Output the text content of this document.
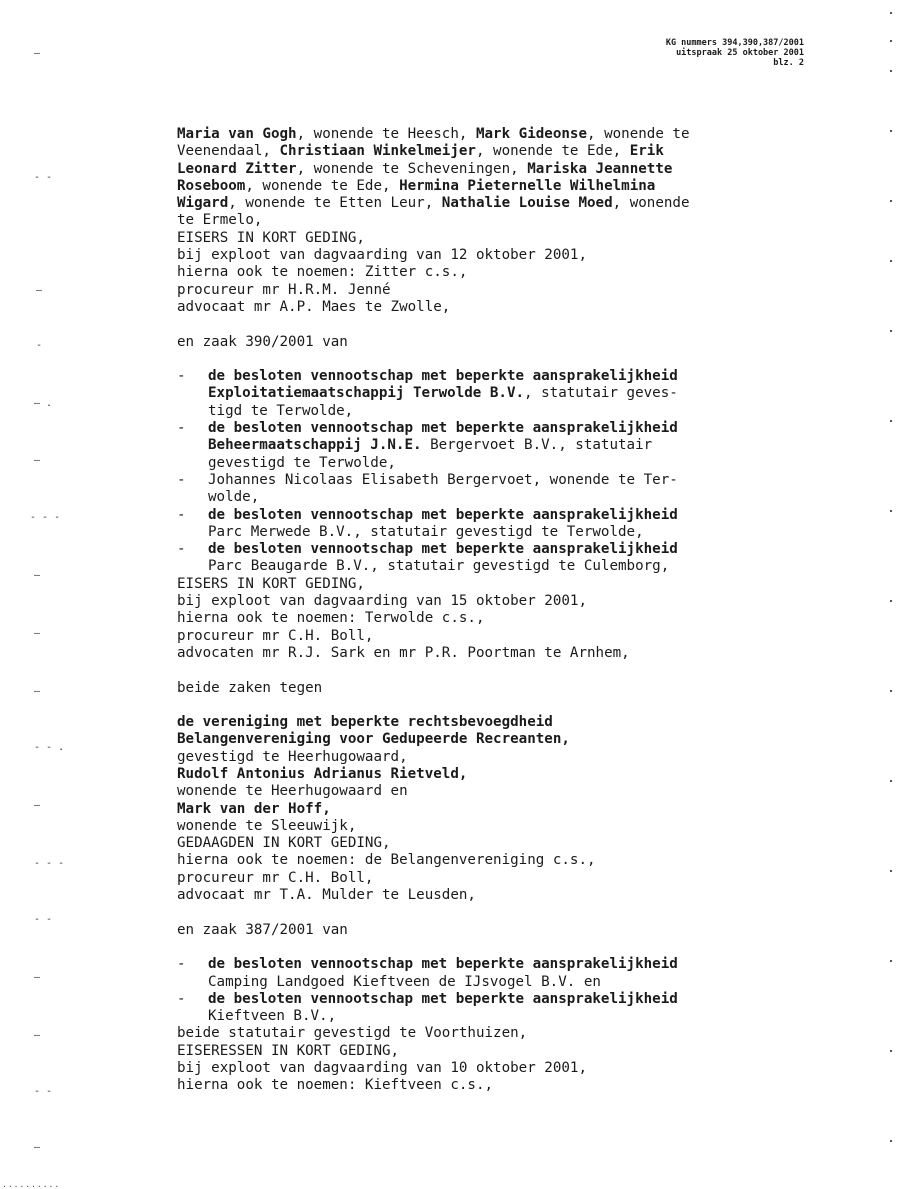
KG nummers 394,390,387/2001
uitspraak 25 oktober 2001
blz. 2
—
- -
—
-
— .
—
- - -
—
—
—
- - .
—
- - -
- -
—
—
- -
—
..........
Maria van Gogh, wonende te Heesch, Mark Gideonse, wonende te
Veenendaal, Christiaan Winkelmeijer, wonende te Ede, Erik
Leonard Zitter, wonende te Scheveningen, Mariska Jeannette
Roseboom, wonende te Ede, Hermina Pieternelle Wilhelmina
Wigard, wonende te Etten Leur, Nathalie Louise Moed, wonende
te Ermelo,
EISERS IN KORT GEDING,
bij exploot van dagvaarding van 12 oktober 2001,
hierna ook te noemen: Zitter c.s.,
procureur mr H.R.M. Jenné
advocaat mr A.P. Maes te Zwolle,
en zaak 390/2001 van
- de besloten vennootschap met beperkte aansprakelijkheid
Exploitatiemaatschappij Terwolde B.V., statutair geves-
tigd te Terwolde,
- de besloten vennootschap met beperkte aansprakelijkheid
Beheermaatschappij J.N.E. Bergervoet B.V., statutair
gevestigd te Terwolde,
- Johannes Nicolaas Elisabeth Bergervoet, wonende te Ter-
wolde,
- de besloten vennootschap met beperkte aansprakelijkheid
Parc Merwede B.V., statutair gevestigd te Terwolde,
- de besloten vennootschap met beperkte aansprakelijkheid
Parc Beaugarde B.V., statutair gevestigd te Culemborg,
EISERS IN KORT GEDING,
bij exploot van dagvaarding van 15 oktober 2001,
hierna ook te noemen: Terwolde c.s.,
procureur mr C.H. Boll,
advocaten mr R.J. Sark en mr P.R. Poortman te Arnhem,
beide zaken tegen
de vereniging met beperkte rechtsbevoegdheid
Belangenvereniging voor Gedupeerde Recreanten,
gevestigd te Heerhugowaard,
Rudolf Antonius Adrianus Rietveld,
wonende te Heerhugowaard en
Mark van der Hoff,
wonende te Sleeuwijk,
GEDAAGDEN IN KORT GEDING,
hierna ook te noemen: de Belangenvereniging c.s.,
procureur mr C.H. Boll,
advocaat mr T.A. Mulder te Leusden,
en zaak 387/2001 van
- de besloten vennootschap met beperkte aansprakelijkheid
Camping Landgoed Kieftveen de IJsvogel B.V. en
- de besloten vennootschap met beperkte aansprakelijkheid
Kieftveen B.V.,
beide statutair gevestigd te Voorthuizen,
EISERESSEN IN KORT GEDING,
bij exploot van dagvaarding van 10 oktober 2001,
hierna ook te noemen: Kieftveen c.s.,
